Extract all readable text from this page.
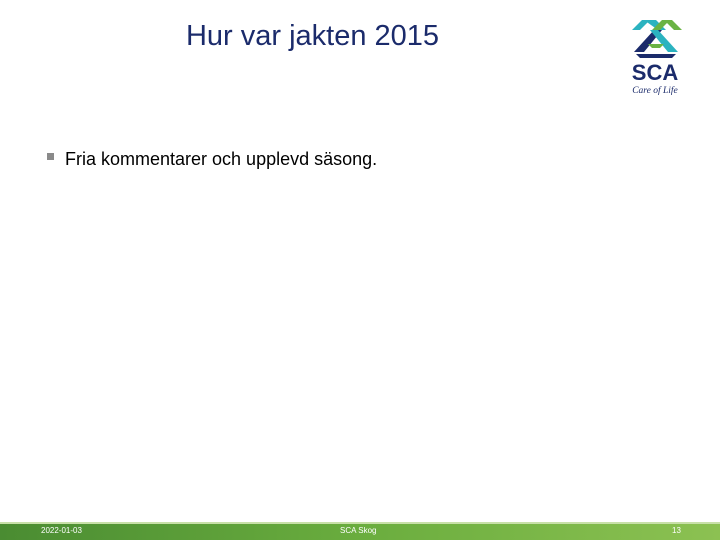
Hur var jakten 2015
SCA
Care of Life
Fria kommentarer och upplevd säsong.
2022-01-03	SCA Skog	13
